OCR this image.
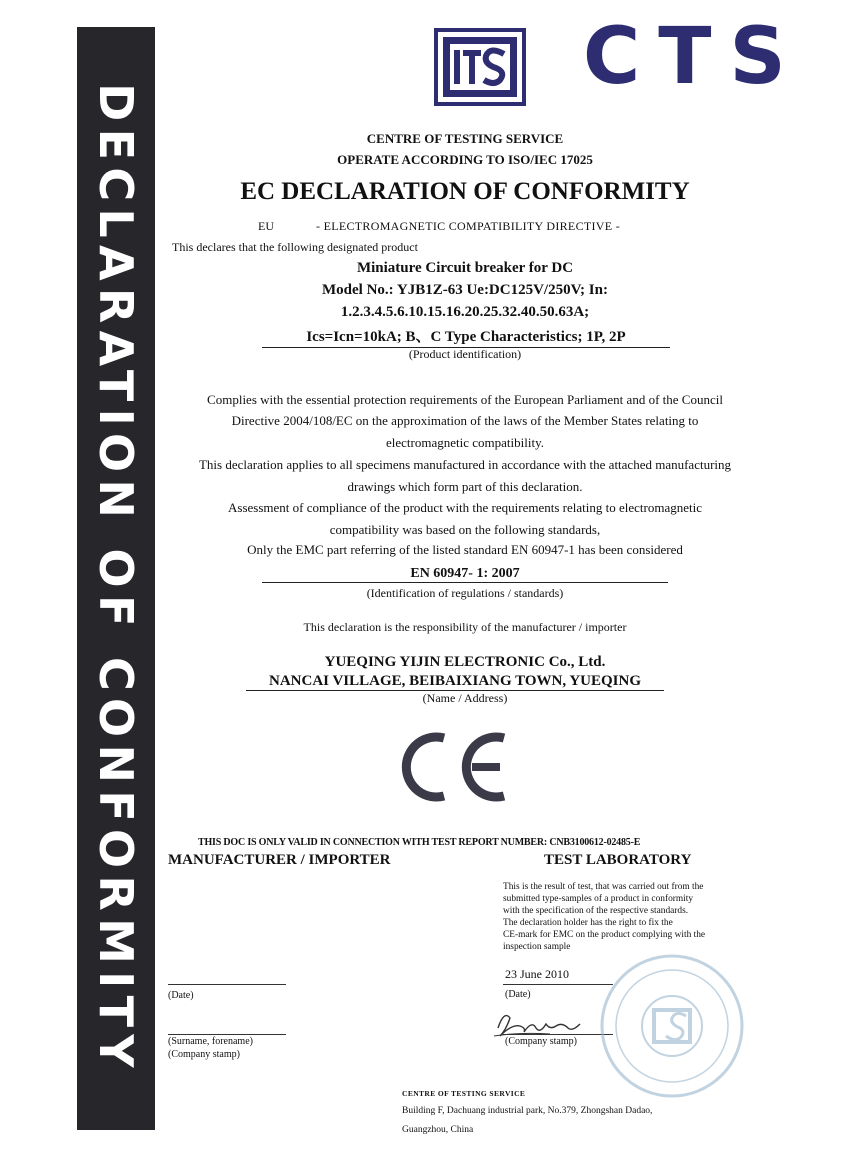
DECLARATION OF CONFORMITY
CTS
CENTRE OF TESTING SERVICE
OPERATE ACCORDING TO ISO/IEC 17025
EC DECLARATION OF CONFORMITY
EU	- ELECTROMAGNETIC COMPATIBILITY DIRECTIVE -
This declares that the following designated product
Miniature Circuit breaker for DC
Model No.: YJB1Z-63 Ue:DC125V/250V; In:
1.2.3.4.5.6.10.15.16.20.25.32.40.50.63A;
Ics=Icn=10kA; B、C Type Characteristics; 1P, 2P
(Product identification)
Complies with the essential protection requirements of the European Parliament and of the Council
Directive 2004/108/EC on the approximation of the laws of the Member States relating to
electromagnetic compatibility.
This declaration applies to all specimens manufactured in accordance with the attached manufacturing
drawings which form part of this declaration.
Assessment of compliance of the product with the requirements relating to electromagnetic
compatibility was based on the following standards,
Only the EMC part referring of the listed standard EN 60947-1 has been considered
EN 60947- 1: 2007
(Identification of regulations / standards)
This declaration is the responsibility of the manufacturer / importer
YUEQING YIJIN ELECTRONIC Co., Ltd.
NANCAI VILLAGE, BEIBAIXIANG TOWN, YUEQING
(Name / Address)
THIS DOC IS ONLY VALID IN CONNECTION WITH TEST REPORT NUMBER: CNB3100612-02485-E
MANUFACTURER / IMPORTER
(Date)
(Surname, forename)
(Company stamp)
TEST LABORATORY
This is the result of test, that was carried out from the
submitted type-samples of a product in conformity
with the specification of the respective standards.
The declaration holder has the right to fix the
CE-mark for EMC on the product complying with the
inspection sample
23 June 2010
(Date)
(Company stamp)
CENTRE OF TESTING SERVICE
Building F, Dachuang industrial park, No.379, Zhongshan Dadao,
Guangzhou, China
